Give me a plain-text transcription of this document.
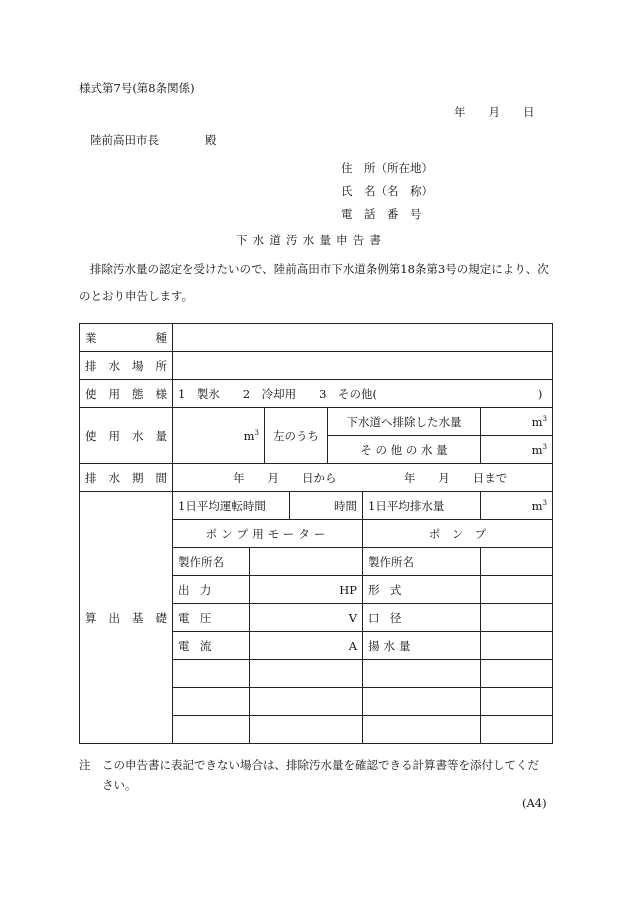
様式第7号(第8条関係)
年　　月　　日
陸前高田市長　　　　殿
住　所（所在地）
氏　名（名　称）
電　話　番　号
下水道汚水量申告書
排除汚水量の認定を受けたいので、陸前高田市下水道条例第18条第3号の規定により、次
のとおり申告します。
業 種							

排 水 場 所							

使 用 態 様	1　製氷　　2　冷却用　　3　その他(　　　　　　　　　　　　　　)						

使 用 水 量	$m^3$		左のうち		下水道へ排除した水量		$m^3$
					そ の 他 の 水 量		$m^3$

排 水 期 間	年　　月　　日から 年　　月　　日まで						

算 出 基 礎	1日平均運転時間			時間		1日平均排水量	$m^3$
	ポンプ用モーター					ポ　ン　プ	
	製作所名					製作所名	
	出力	HP				形式	
	電圧	V				口径	
	電流	A				揚水量	

注　この申告書に表記できない場合は、排除汚水量を確認できる計算書等を添付してくだ
さい。
(A4)
